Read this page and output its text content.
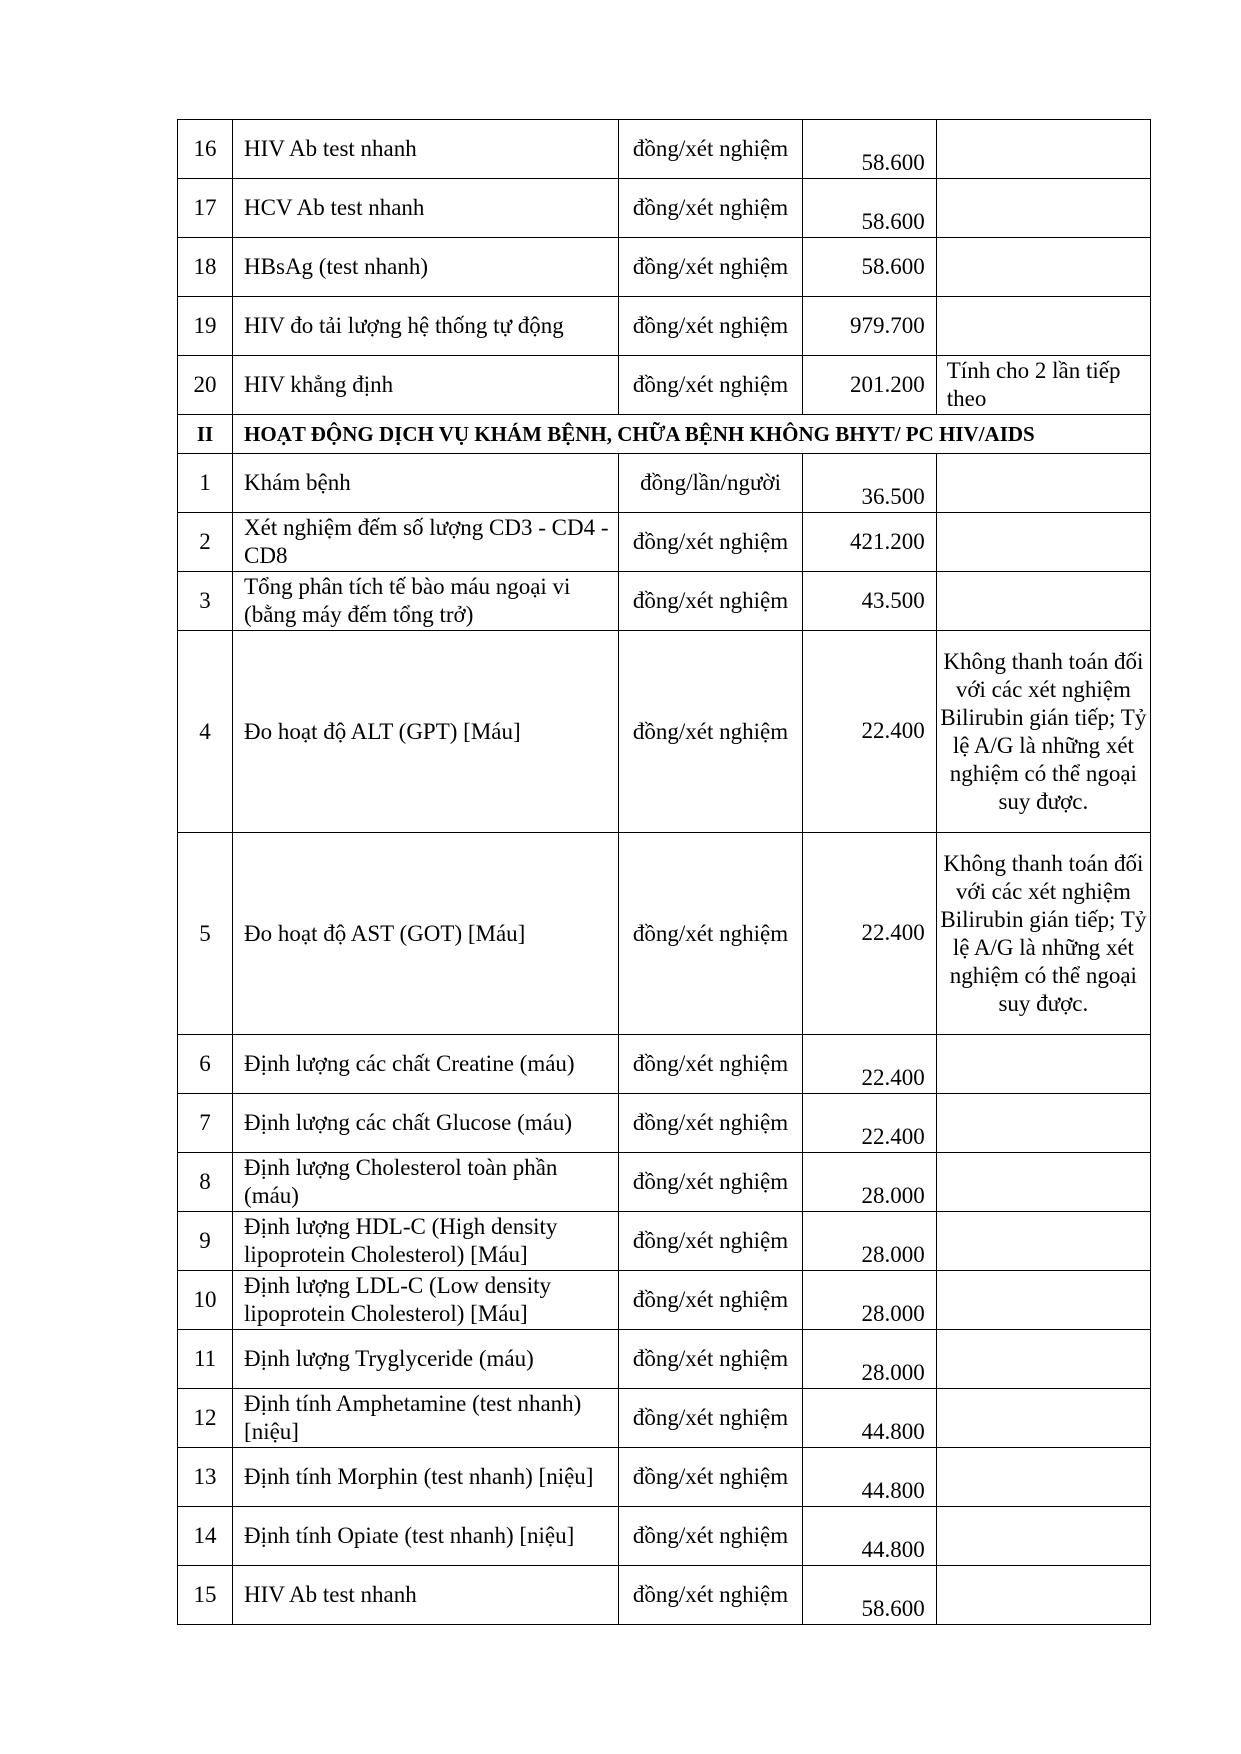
16	HIV Ab test nhanh	đồng/xét nghiệm	58.600	
17	HCV Ab test nhanh	đồng/xét nghiệm	58.600	
18	HBsAg (test nhanh)	đồng/xét nghiệm	58.600	
19	HIV đo tải lượng hệ thống tự động	đồng/xét nghiệm	979.700	
20	HIV khẳng định	đồng/xét nghiệm	201.200	Tính cho 2 lần tiếp theo
II	HOẠT ĐỘNG DỊCH VỤ KHÁM BỆNH, CHỮA BỆNH KHÔNG BHYT/ PC HIV/AIDS			
1	Khám bệnh	đồng/lần/người	36.500	
2	Xét nghiệm đếm số lượng CD3 - CD4 - CD8	đồng/xét nghiệm	421.200	
3	Tổng phân tích tế bào máu ngoại vi (bằng máy đếm tổng trở)	đồng/xét nghiệm	43.500	
4	Đo hoạt độ ALT (GPT) [Máu]	đồng/xét nghiệm	22.400	Không thanh toán đối với các xét nghiệm Bilirubin gián tiếp; Tỷ lệ A/G là những xét nghiệm có thể ngoại suy được.
5	Đo hoạt độ AST (GOT) [Máu]	đồng/xét nghiệm	22.400	Không thanh toán đối với các xét nghiệm Bilirubin gián tiếp; Tỷ lệ A/G là những xét nghiệm có thể ngoại suy được.
6	Định lượng các chất Creatine (máu)	đồng/xét nghiệm	22.400	
7	Định lượng các chất Glucose (máu)	đồng/xét nghiệm	22.400	
8	Định lượng Cholesterol toàn phần (máu)	đồng/xét nghiệm	28.000	
9	Định lượng HDL-C (High density lipoprotein Cholesterol) [Máu]	đồng/xét nghiệm	28.000	
10	Định lượng LDL-C (Low density lipoprotein Cholesterol) [Máu]	đồng/xét nghiệm	28.000	
11	Định lượng Tryglyceride (máu)	đồng/xét nghiệm	28.000	
12	Định tính Amphetamine (test nhanh) [niệu]	đồng/xét nghiệm	44.800	
13	Định tính Morphin (test nhanh) [niệu]	đồng/xét nghiệm	44.800	
14	Định tính Opiate (test nhanh) [niệu]	đồng/xét nghiệm	44.800	
15	HIV Ab test nhanh	đồng/xét nghiệm	58.600	
